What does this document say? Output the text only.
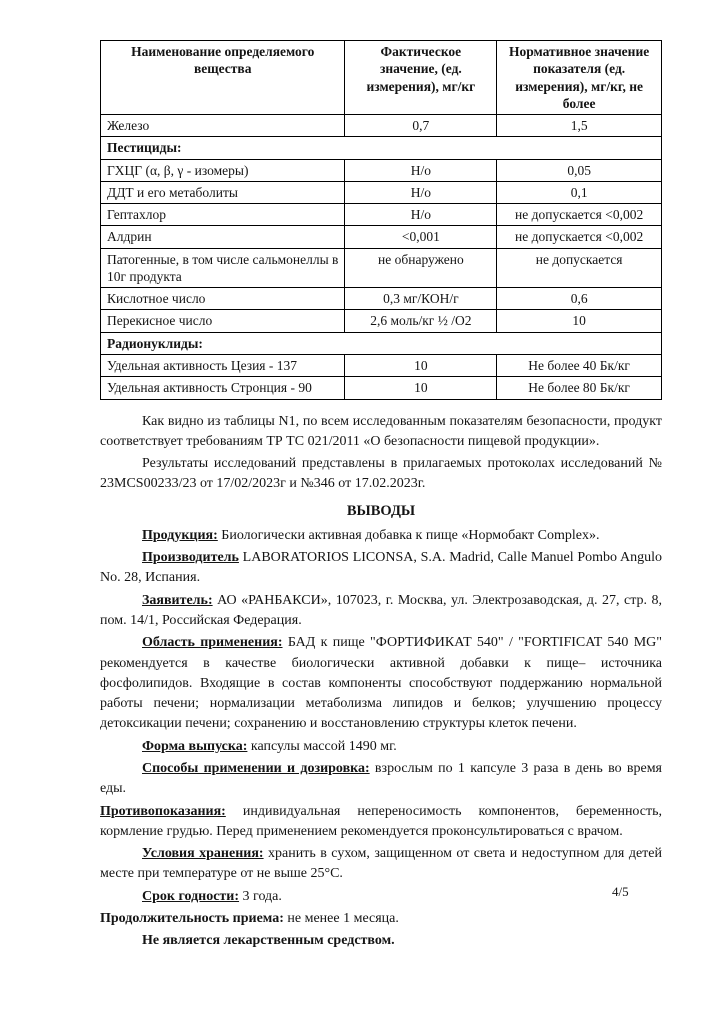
Наименование определяемого вещества	Фактическое значение, (ед. измерения), мг/кг	Нормативное значение показателя (ед. измерения), мг/кг, не более
Железо	0,7	1,5
Пестициды:		
ГХЦГ (α, β, γ - изомеры)	Н/о	0,05
ДДТ и его метаболиты	Н/о	0,1
Гептахлор	Н/о	не допускается <0,002
Алдрин	<0,001	не допускается <0,002
Патогенные, в том числе сальмонеллы в 10г продукта	не обнаружено	не допускается
Кислотное число	0,3 мг/КОН/г	0,6
Перекисное число	2,6 моль/кг ½ /О2	10
Радионуклиды:		
Удельная активность Цезия - 137	10	Не более 40 Бк/кг
Удельная активность Стронция - 90	10	Не более 80 Бк/кг

Как видно из таблицы N1, по всем исследованным показателям безопасности, продукт соответствует требованиям ТР ТС 021/2011 «О безопасности пищевой продукции».

Результаты исследований представлены в прилагаемых протоколах исследований № 23MCS00233/23 от 17/02/2023г и №346 от 17.02.2023г.

ВЫВОДЫ

Продукция: Биологически активная добавка к пище «Нормобакт Complex».

Производитель LABORATORIOS LICONSA, S.A. Madrid, Calle Manuel Pombo Angulo No. 28, Испания.

Заявитель: АО «РАНБАКСИ», 107023, г. Москва, ул. Электрозаводская, д. 27, стр. 8, пом. 14/1, Российская Федерация.

Область применения: БАД к пище "ФОРТИФИКАТ 540" / "FORTIFICAT 540 MG" рекомендуется в качестве биологически активной добавки к пище– источника фосфолипидов. Входящие в состав компоненты способствуют поддержанию нормальной работы печени; нормализации метаболизма липидов и белков; улучшению процессу детоксикации печени; сохранению и восстановлению структуры клеток печени.

Форма выпуска: капсулы массой 1490 мг.

Способы применении и дозировка: взрослым по 1 капсуле 3 раза в день во время еды.

Противопоказания: индивидуальная непереносимость компонентов, беременность, кормление грудью. Перед применением рекомендуется проконсультироваться с врачом.

Условия хранения: хранить в сухом, защищенном от света и недоступном для детей месте при температуре от не выше 25°C.

Срок годности: 3 года.

Продолжительность приема: не менее 1 месяца.

Не является лекарственным средством.

4/5
